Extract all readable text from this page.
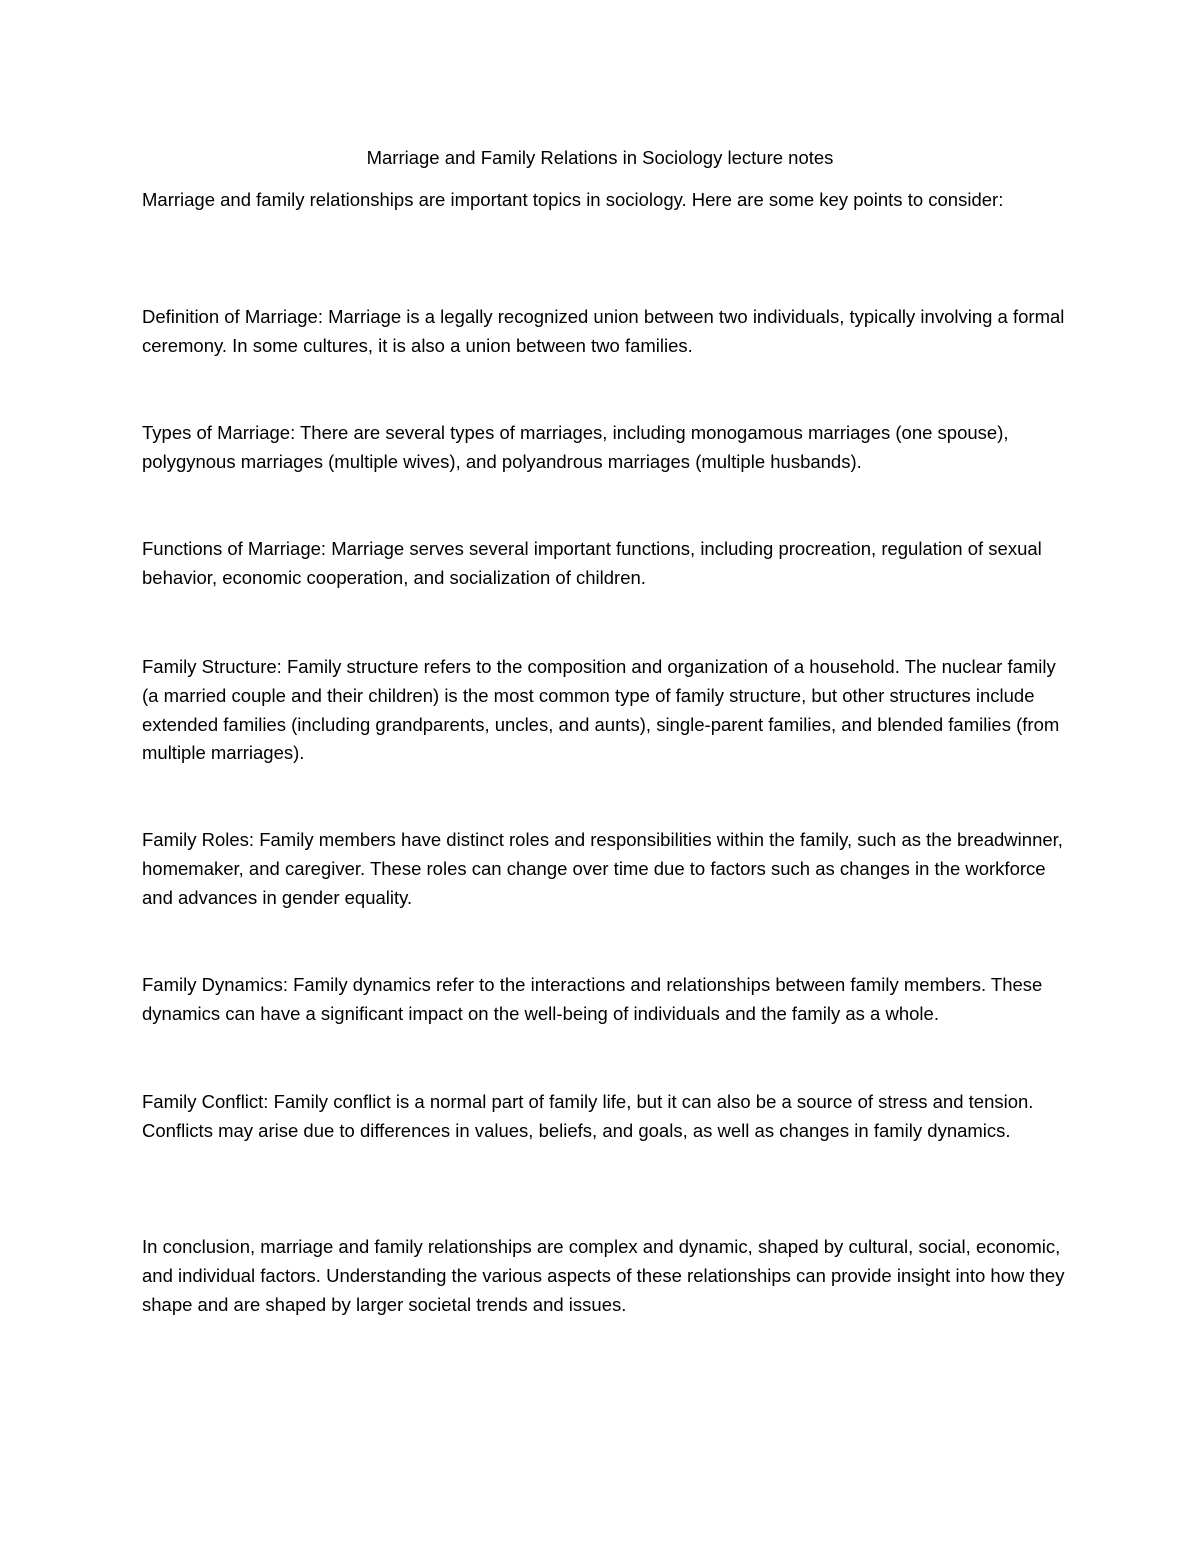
Marriage and Family Relations in Sociology lecture notes

Marriage and family relationships are important topics in sociology. Here are some key points to consider:

Definition of Marriage: Marriage is a legally recognized union between two individuals, typically involving a formal ceremony. In some cultures, it is also a union between two families.

Types of Marriage: There are several types of marriages, including monogamous marriages (one spouse), polygynous marriages (multiple wives), and polyandrous marriages (multiple husbands).

Functions of Marriage: Marriage serves several important functions, including procreation, regulation of sexual behavior, economic cooperation, and socialization of children.

Family Structure: Family structure refers to the composition and organization of a household. The nuclear family (a married couple and their children) is the most common type of family structure, but other structures include extended families (including grandparents, uncles, and aunts), single-parent families, and blended families (from multiple marriages).

Family Roles: Family members have distinct roles and responsibilities within the family, such as the breadwinner, homemaker, and caregiver. These roles can change over time due to factors such as changes in the workforce and advances in gender equality.

Family Dynamics: Family dynamics refer to the interactions and relationships between family members. These dynamics can have a significant impact on the well-being of individuals and the family as a whole.

Family Conflict: Family conflict is a normal part of family life, but it can also be a source of stress and tension. Conflicts may arise due to differences in values, beliefs, and goals, as well as changes in family dynamics.

In conclusion, marriage and family relationships are complex and dynamic, shaped by cultural, social, economic, and individual factors. Understanding the various aspects of these relationships can provide insight into how they shape and are shaped by larger societal trends and issues.
